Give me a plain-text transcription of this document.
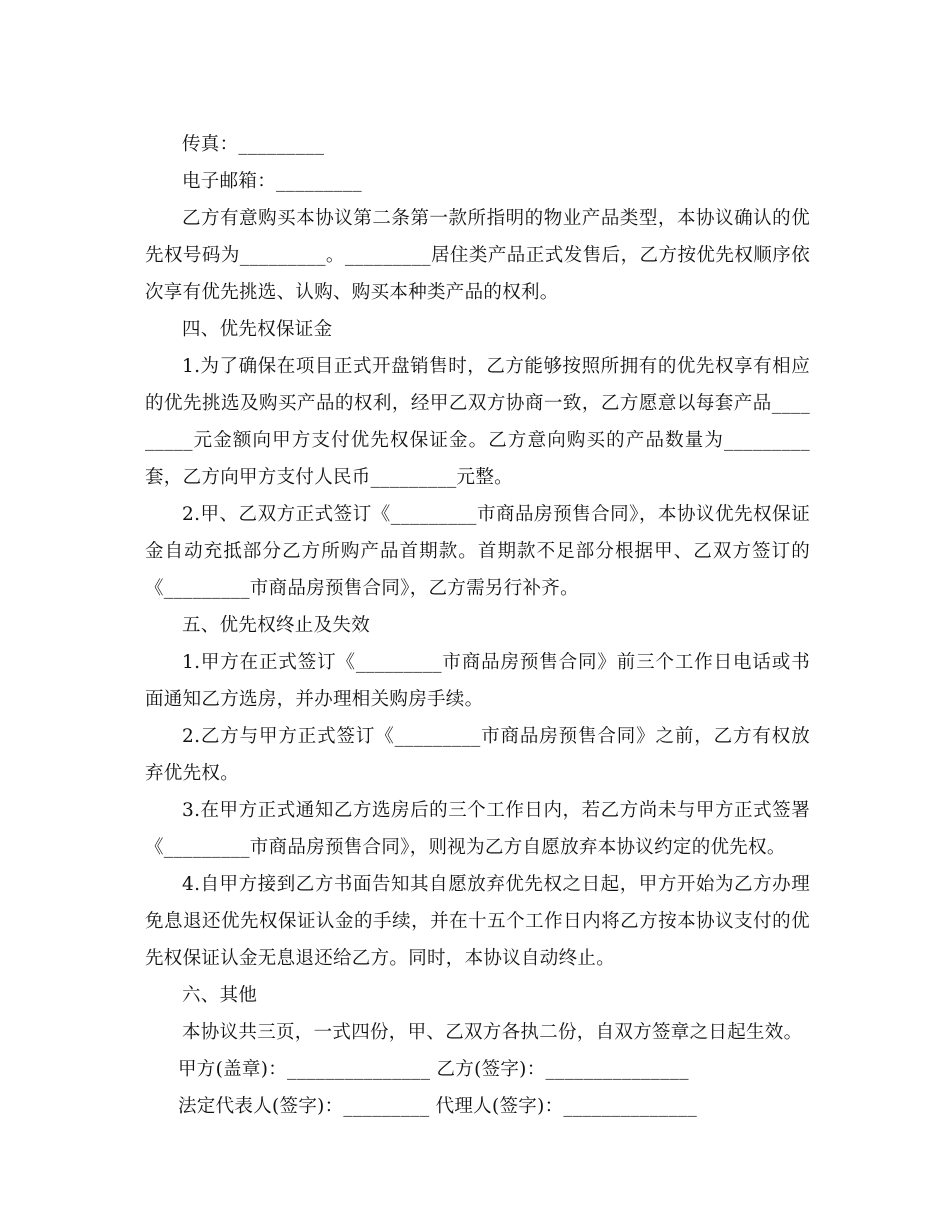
传真：_________

电子邮箱：_________

乙方有意购买本协议第二条第一款所指明的物业产品类型，本协议确认的优先权号码为_________。_________居住类产品正式发售后，乙方按优先权顺序依次享有优先挑选、认购、购买本种类产品的权利。

四、优先权保证金

1.为了确保在项目正式开盘销售时，乙方能够按照所拥有的优先权享有相应的优先挑选及购买产品的权利，经甲乙双方协商一致，乙方愿意以每套产品_________元金额向甲方支付优先权保证金。乙方意向购买的产品数量为_________套，乙方向甲方支付人民币_________元整。

2.甲、乙双方正式签订《_________市商品房预售合同》，本协议优先权保证金自动充抵部分乙方所购产品首期款。首期款不足部分根据甲、乙双方签订的《_________市商品房预售合同》，乙方需另行补齐。

五、优先权终止及失效

1.甲方在正式签订《_________市商品房预售合同》前三个工作日电话或书面通知乙方选房，并办理相关购房手续。

2.乙方与甲方正式签订《_________市商品房预售合同》之前，乙方有权放弃优先权。

3.在甲方正式通知乙方选房后的三个工作日内，若乙方尚未与甲方正式签署《_________市商品房预售合同》，则视为乙方自愿放弃本协议约定的优先权。

4.自甲方接到乙方书面告知其自愿放弃优先权之日起，甲方开始为乙方办理免息退还优先权保证认金的手续，并在十五个工作日内将乙方按本协议支付的优先权保证认金无息退还给乙方。同时，本协议自动终止。

六、其他

本协议共三页，一式四份，甲、乙双方各执二份，自双方签章之日起生效。

甲方(盖章)：_______________ 乙方(签字)：_______________

法定代表人(签字)：_________ 代理人(签字)：______________
